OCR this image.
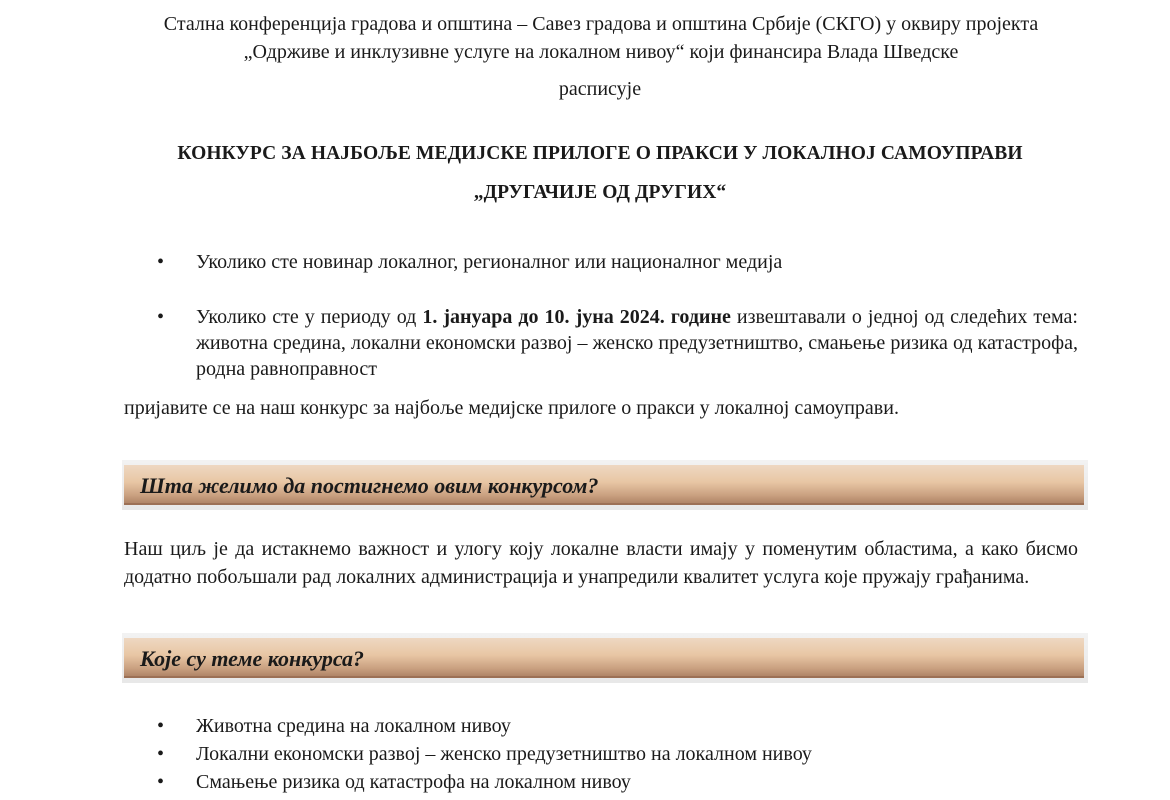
Стална конференција градова и општина – Савез градова и општина Србије (СКГО) у оквиру пројекта „Одрживе и инклузивне услуге на локалном нивоу“ који финансира Влада Шведске
расписује
КОНКУРС ЗА НАЈБОЉЕ МЕДИЈСКЕ ПРИЛОГЕ О ПРАКСИ У ЛОКАЛНОЈ САМОУПРАВИ
„ДРУГАЧИЈЕ ОД ДРУГИХ“
• Уколико сте новинар локалног, регионалног или националног медија
• Уколико сте у периоду од 1. јануара до 10. јуна 2024. године извештавали о једној од следећих тема: животна средина, локални економски развој – женско предузетништво, смањење ризика од катастрофа, родна равноправност
пријавите се на наш конкурс за најбоље медијске прилоге о пракси у локалној самоуправи.
Шта желимо да постигнемо овим конкурсом?
Наш циљ је да истакнемо важност и улогу коју локалне власти имају у поменутим областима, а како бисмо додатно побољшали рад локалних администрација и унапредили квалитет услуга које пружају грађанима.
Које су теме конкурса?
• Животна средина на локалном нивоу
• Локални економски развој – женско предузетништво на локалном нивоу
• Смањење ризика од катастрофа на локалном нивоу
